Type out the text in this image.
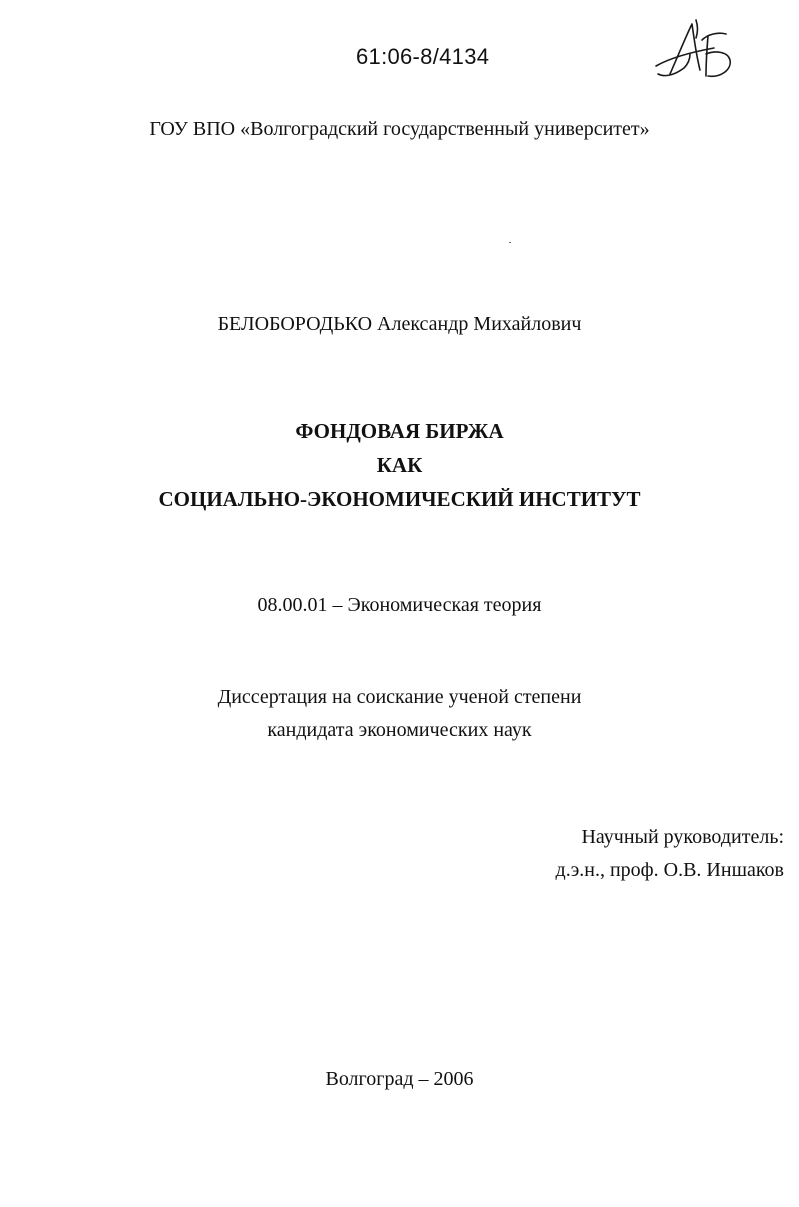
61:06-8/4134
ГОУ ВПО «Волгоградский государственный университет»
БЕЛОБОРОДЬКО Александр Михайлович
ФОНДОВАЯ БИРЖА
КАК
СОЦИАЛЬНО-ЭКОНОМИЧЕСКИЙ ИНСТИТУТ
08.00.01 – Экономическая теория
Диссертация на соискание ученой степени
кандидата экономических наук
Научный руководитель:
д.э.н., проф. О.В. Иншаков
Волгоград – 2006
